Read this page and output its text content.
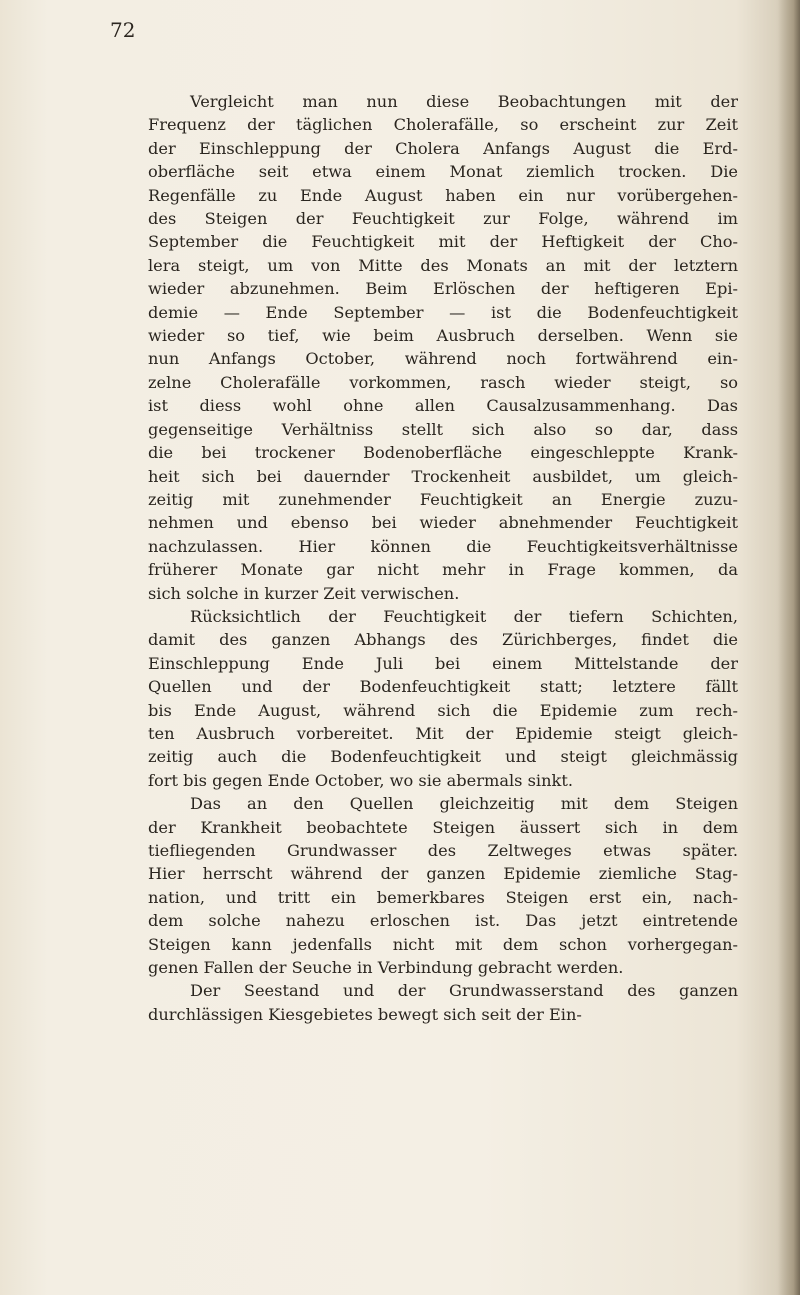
72

Vergleicht man nun diese Beobachtungen mit der
Frequenz der täglichen Cholerafälle, so erscheint zur Zeit
der Einschleppung der Cholera Anfangs August die Erd-
oberfläche seit etwa einem Monat ziemlich trocken. Die
Regenfälle zu Ende August haben ein nur vorübergehen-
des Steigen der Feuchtigkeit zur Folge, während im
September die Feuchtigkeit mit der Heftigkeit der Cho-
lera steigt, um von Mitte des Monats an mit der letztern
wieder abzunehmen. Beim Erlöschen der heftigeren Epi-
demie — Ende September — ist die Bodenfeuchtigkeit
wieder so tief, wie beim Ausbruch derselben. Wenn sie
nun Anfangs October, während noch fortwährend ein-
zelne Cholerafälle vorkommen, rasch wieder steigt, so
ist diess wohl ohne allen Causalzusammenhang. Das
gegenseitige Verhältniss stellt sich also so dar, dass
die bei trockener Bodenoberfläche eingeschleppte Krank-
heit sich bei dauernder Trockenheit ausbildet, um gleich-
zeitig mit zunehmender Feuchtigkeit an Energie zuzu-
nehmen und ebenso bei wieder abnehmender Feuchtigkeit
nachzulassen. Hier können die Feuchtigkeitsverhältnisse
früherer Monate gar nicht mehr in Frage kommen, da
sich solche in kurzer Zeit verwischen.
Rücksichtlich der Feuchtigkeit der tiefern Schichten,
damit des ganzen Abhangs des Zürichberges, findet die
Einschleppung Ende Juli bei einem Mittelstande der
Quellen und der Bodenfeuchtigkeit statt; letztere fällt
bis Ende August, während sich die Epidemie zum rech-
ten Ausbruch vorbereitet. Mit der Epidemie steigt gleich-
zeitig auch die Bodenfeuchtigkeit und steigt gleichmässig
fort bis gegen Ende October, wo sie abermals sinkt.
Das an den Quellen gleichzeitig mit dem Steigen
der Krankheit beobachtete Steigen äussert sich in dem
tiefliegenden Grundwasser des Zeltweges etwas später.
Hier herrscht während der ganzen Epidemie ziemliche Stag-
nation, und tritt ein bemerkbares Steigen erst ein, nach-
dem solche nahezu erloschen ist. Das jetzt eintretende
Steigen kann jedenfalls nicht mit dem schon vorhergegan-
genen Fallen der Seuche in Verbindung gebracht werden.
Der Seestand und der Grundwasserstand des ganzen
durchlässigen Kiesgebietes bewegt sich seit der Ein-
